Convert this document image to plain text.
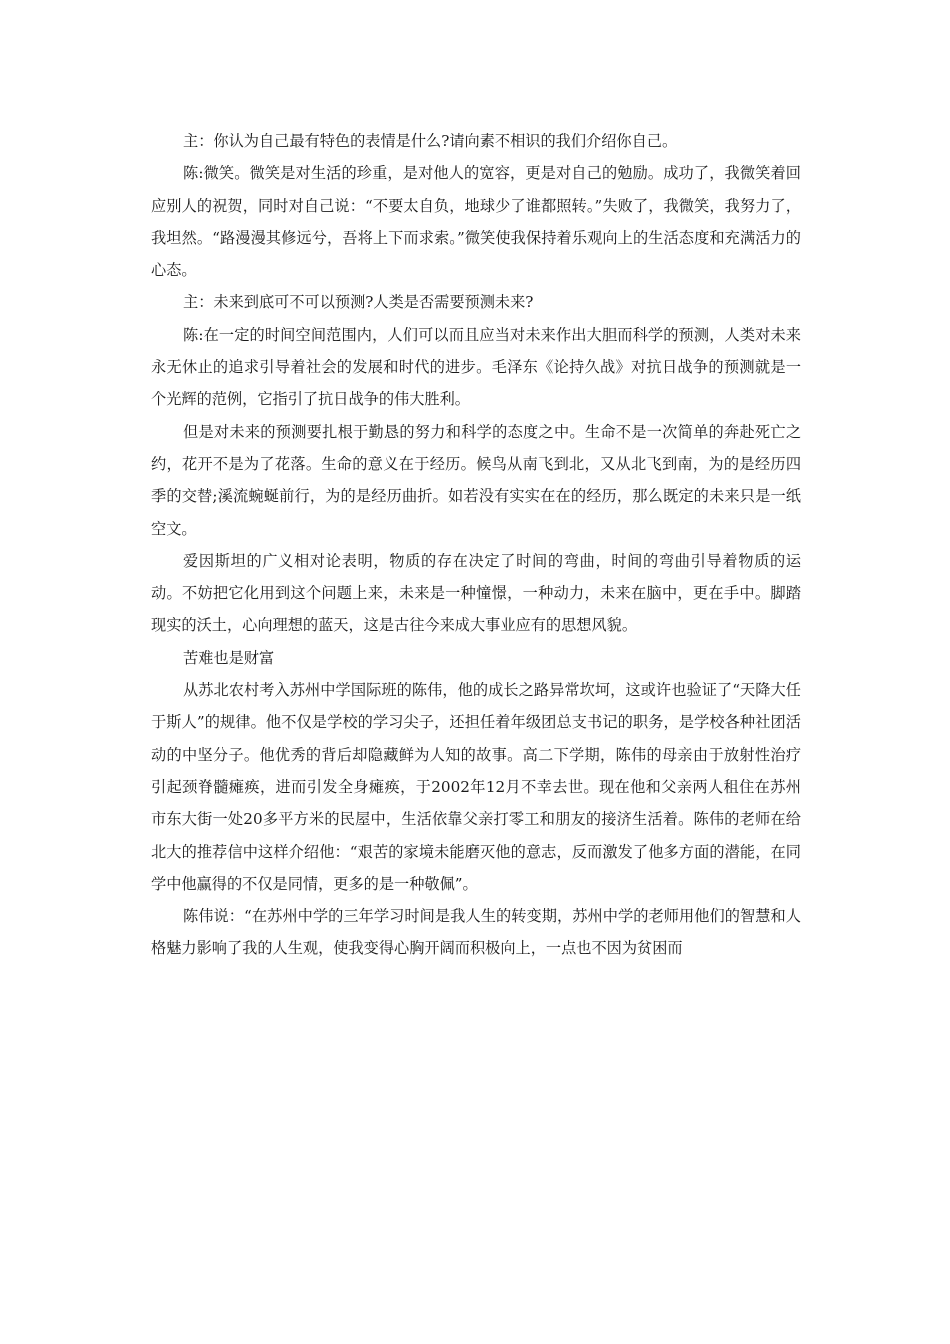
主：你认为自己最有特色的表情是什么?请向素不相识的我们介绍你自己。

陈:微笑。微笑是对生活的珍重，是对他人的宽容，更是对自己的勉励。成功了，我微笑着回应别人的祝贺，同时对自己说：“不要太自负，地球少了谁都照转。”失败了，我微笑，我努力了，我坦然。“路漫漫其修远兮，吾将上下而求索。”微笑使我保持着乐观向上的生活态度和充满活力的心态。

主：未来到底可不可以预测?人类是否需要预测未来?

陈:在一定的时间空间范围内，人们可以而且应当对未来作出大胆而科学的预测，人类对未来永无休止的追求引导着社会的发展和时代的进步。毛泽东《论持久战》对抗日战争的预测就是一个光辉的范例，它指引了抗日战争的伟大胜利。

但是对未来的预测要扎根于勤恳的努力和科学的态度之中。生命不是一次简单的奔赴死亡之约，花开不是为了花落。生命的意义在于经历。候鸟从南飞到北，又从北飞到南，为的是经历四季的交替;溪流蜿蜒前行，为的是经历曲折。如若没有实实在在的经历，那么既定的未来只是一纸空文。

爱因斯坦的广义相对论表明，物质的存在决定了时间的弯曲，时间的弯曲引导着物质的运动。不妨把它化用到这个问题上来，未来是一种憧憬，一种动力，未来在脑中，更在手中。脚踏现实的沃土，心向理想的蓝天，这是古往今来成大事业应有的思想风貌。

苦难也是财富

从苏北农村考入苏州中学国际班的陈伟，他的成长之路异常坎坷，这或许也验证了“天降大任于斯人”的规律。他不仅是学校的学习尖子，还担任着年级团总支书记的职务，是学校各种社团活动的中坚分子。他优秀的背后却隐藏鲜为人知的故事。高二下学期，陈伟的母亲由于放射性治疗引起颈脊髓瘫痪，进而引发全身瘫痪，于2002年12月不幸去世。现在他和父亲两人租住在苏州市东大街一处20多平方米的民屋中，生活依靠父亲打零工和朋友的接济生活着。陈伟的老师在给北大的推荐信中这样介绍他：“艰苦的家境未能磨灭他的意志，反而激发了他多方面的潜能，在同学中他赢得的不仅是同情，更多的是一种敬佩”。

陈伟说：“在苏州中学的三年学习时间是我人生的转变期，苏州中学的老师用他们的智慧和人格魅力影响了我的人生观，使我变得心胸开阔而积极向上，一点也不因为贫困而
